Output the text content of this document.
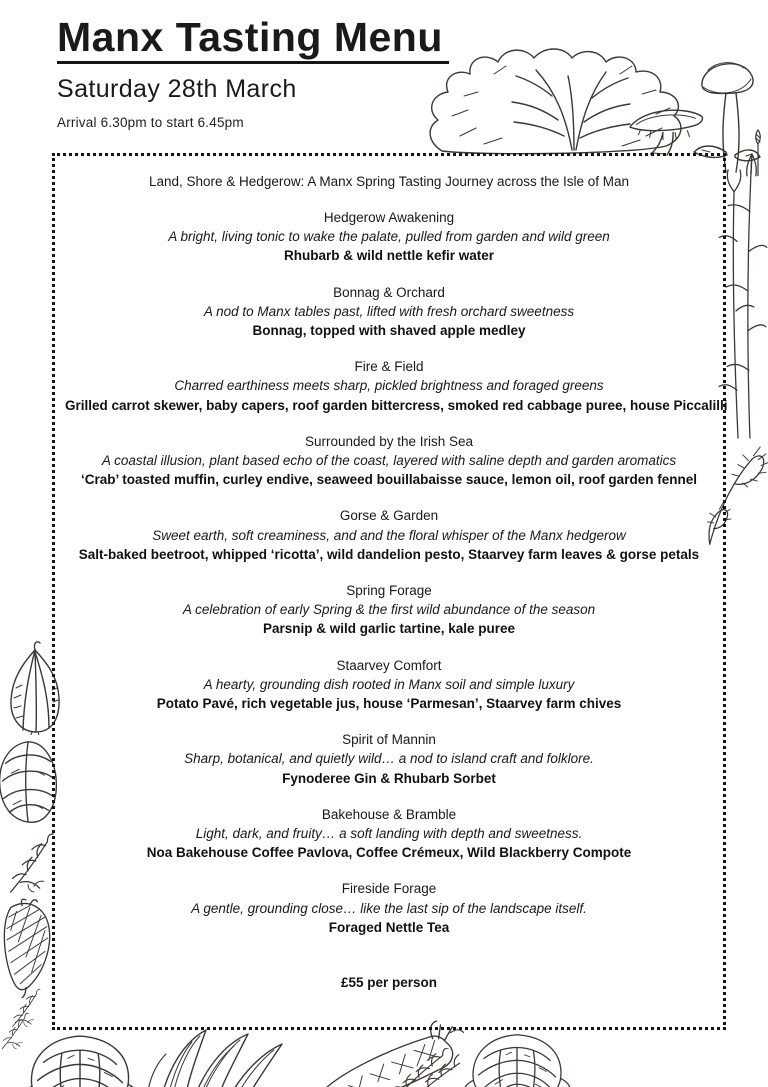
Manx Tasting Menu
Saturday 28th March
Arrival 6.30pm to start 6.45pm
Land, Shore & Hedgerow: A Manx Spring Tasting Journey across the Isle of Man
Hedgerow Awakening
A bright, living tonic to wake the palate, pulled from garden and wild green
Rhubarb & wild nettle kefir water
Bonnag & Orchard
A nod to Manx tables past, lifted with fresh orchard sweetness
Bonnag, topped with shaved apple medley
Fire & Field
Charred earthiness meets sharp, pickled brightness and foraged greens
Grilled carrot skewer, baby capers, roof garden bittercress, smoked red cabbage puree, house Piccalilli
Surrounded by the Irish Sea
A coastal illusion, plant based echo of the coast, layered with saline depth and garden aromatics
‘Crab’ toasted muffin, curley endive, seaweed bouillabaisse sauce, lemon oil, roof garden fennel
Gorse & Garden
Sweet earth, soft creaminess, and and the floral whisper of the Manx hedgerow
Salt-baked beetroot, whipped ‘ricotta’, wild dandelion pesto, Staarvey farm leaves & gorse petals
Spring Forage
A celebration of early Spring & the first wild abundance of the season
Parsnip & wild garlic tartine, kale puree
Staarvey Comfort
A hearty, grounding dish rooted in Manx soil and simple luxury
Potato Pavé, rich vegetable jus, house ‘Parmesan’, Staarvey farm chives
Spirit of Mannin
Sharp, botanical, and quietly wild… a nod to island craft and folklore.
Fynoderee Gin & Rhubarb Sorbet
Bakehouse & Bramble
Light, dark, and fruity… a soft landing with depth and sweetness.
Noa Bakehouse Coffee Pavlova, Coffee Crémeux, Wild Blackberry Compote
Fireside Forage
A gentle, grounding close… like the last sip of the landscape itself.
Foraged Nettle Tea
£55 per person
